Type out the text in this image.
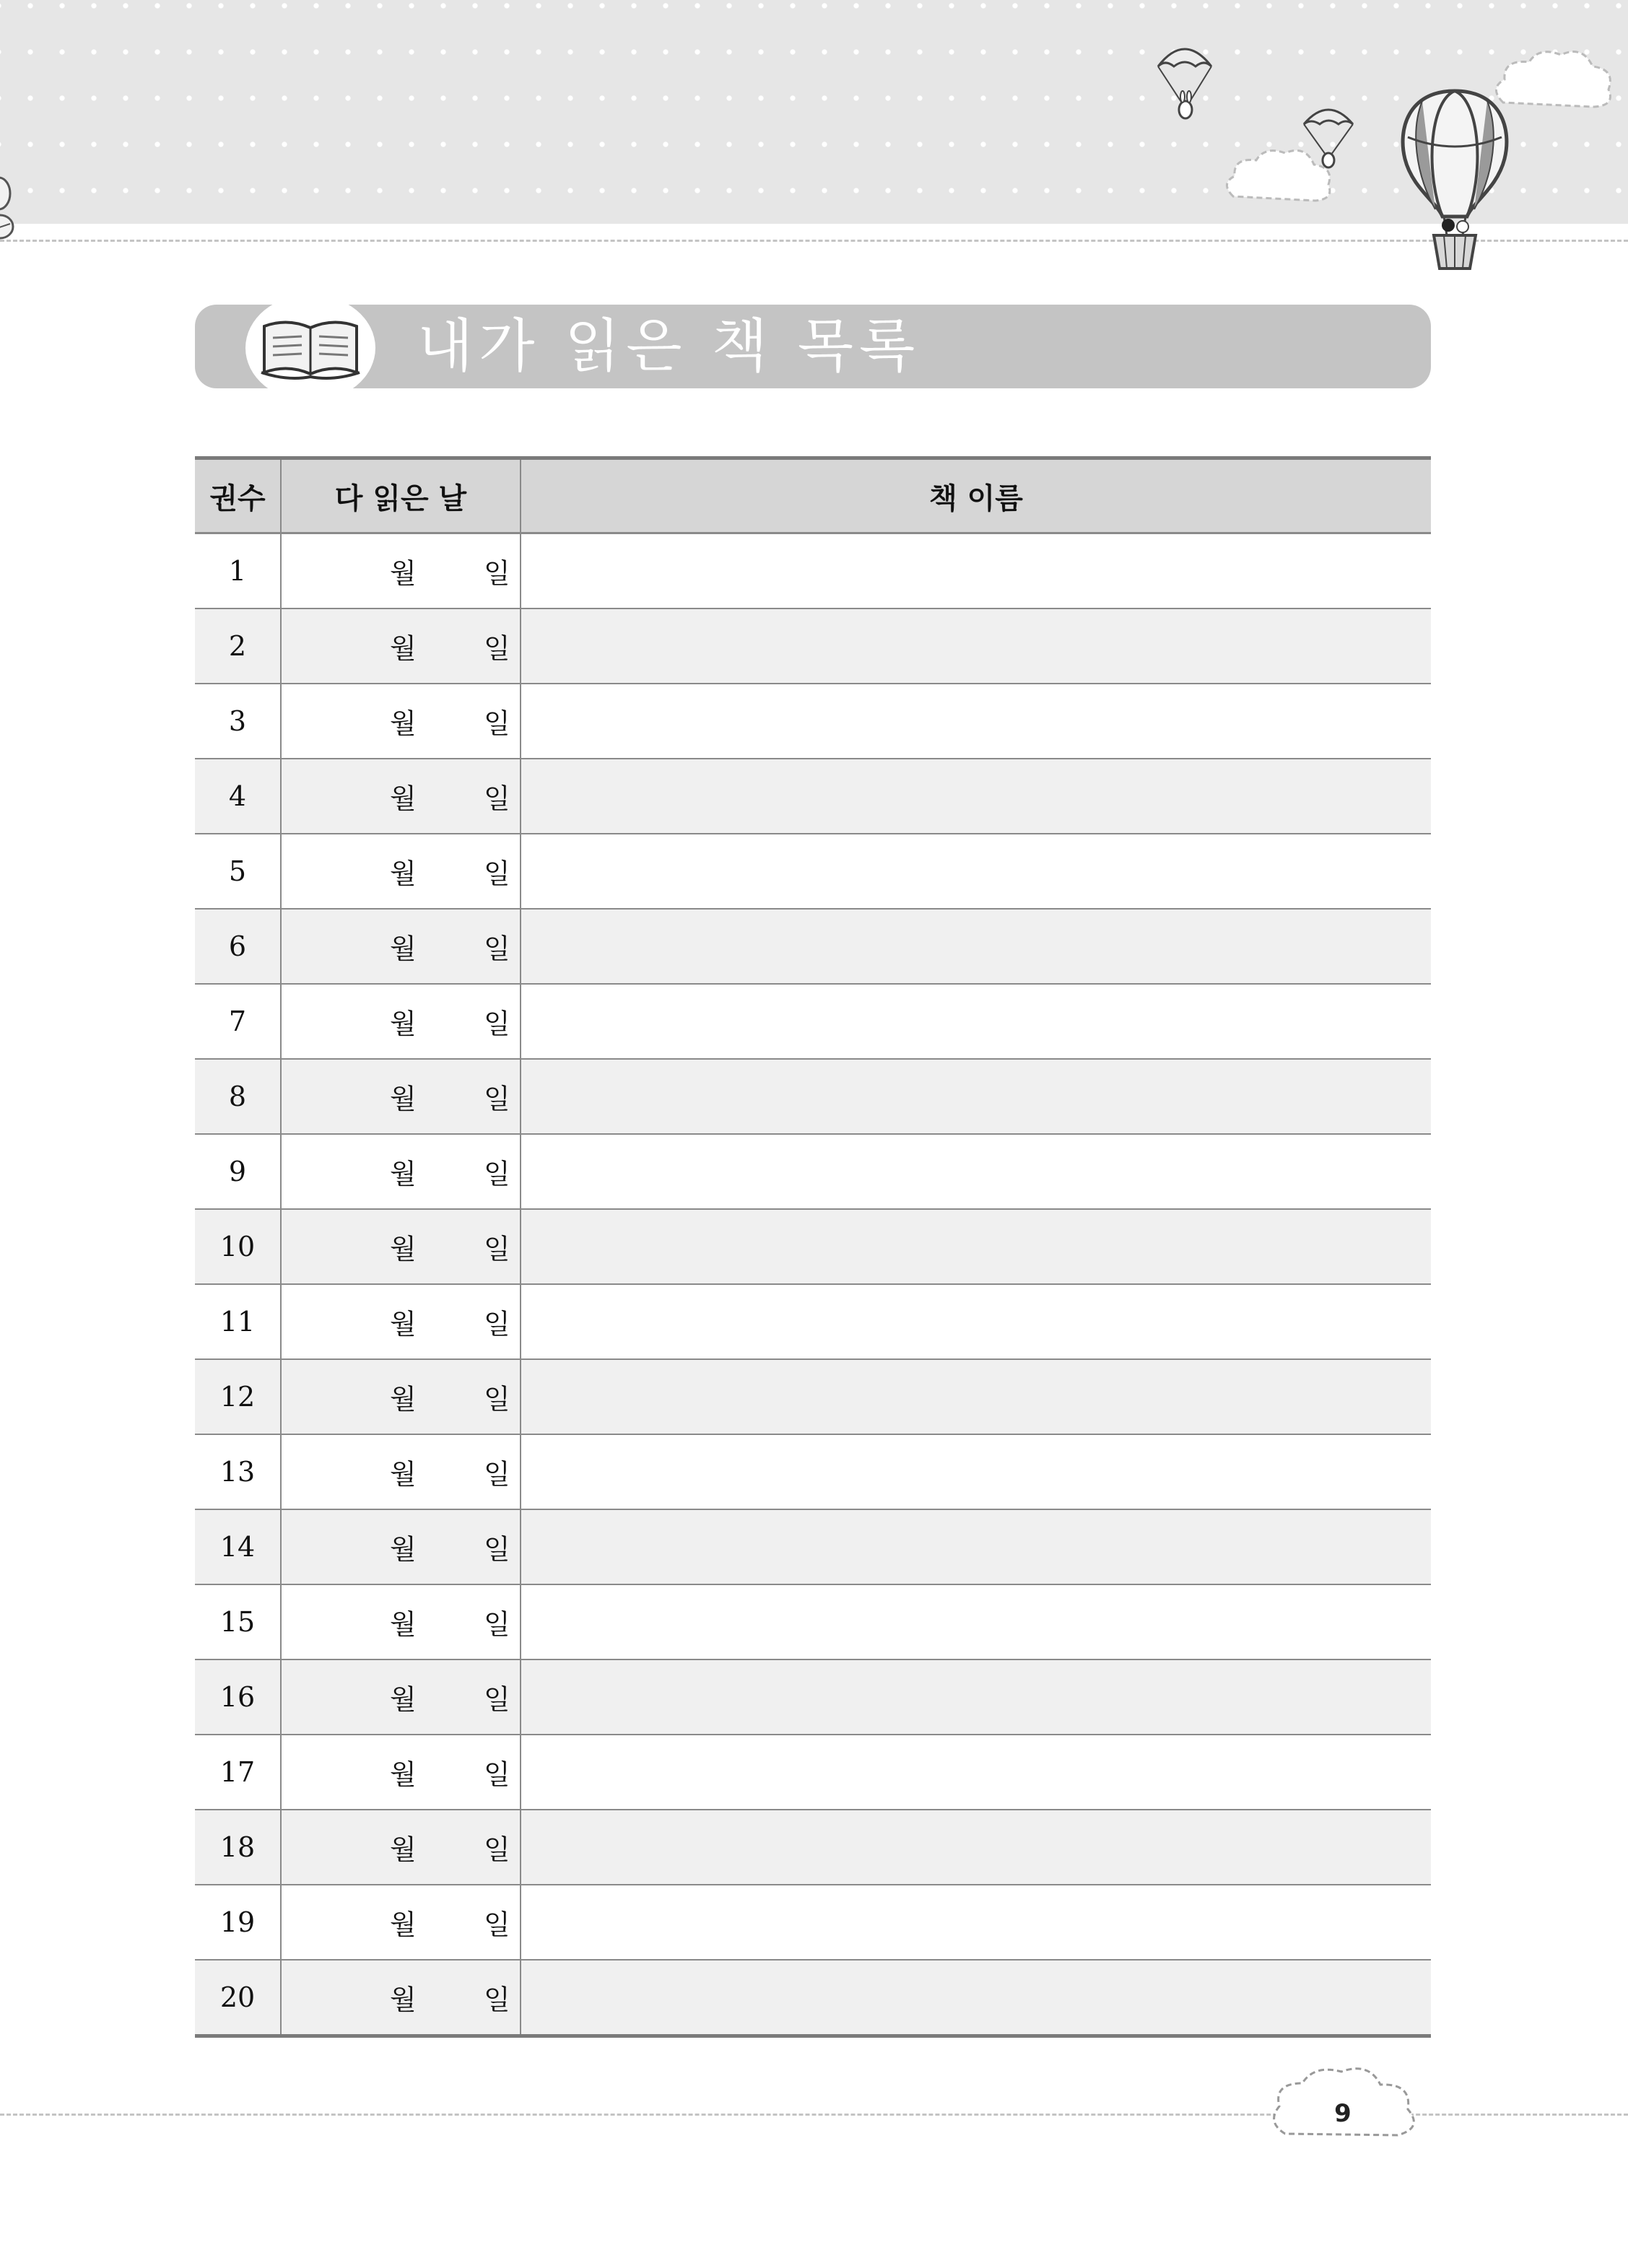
내가 읽은 책 목록
권수	다 읽은 날	책 이름
1	월 일	

2	월 일	

3	월 일	

4	월 일	

5	월 일	

6	월 일	

7	월 일	

8	월 일	

9	월 일	

10	월 일	

11	월 일	

12	월 일	

13	월 일	

14	월 일	

15	월 일	

16	월 일	

17	월 일	

18	월 일	

19	월 일	

20	월 일	

9
